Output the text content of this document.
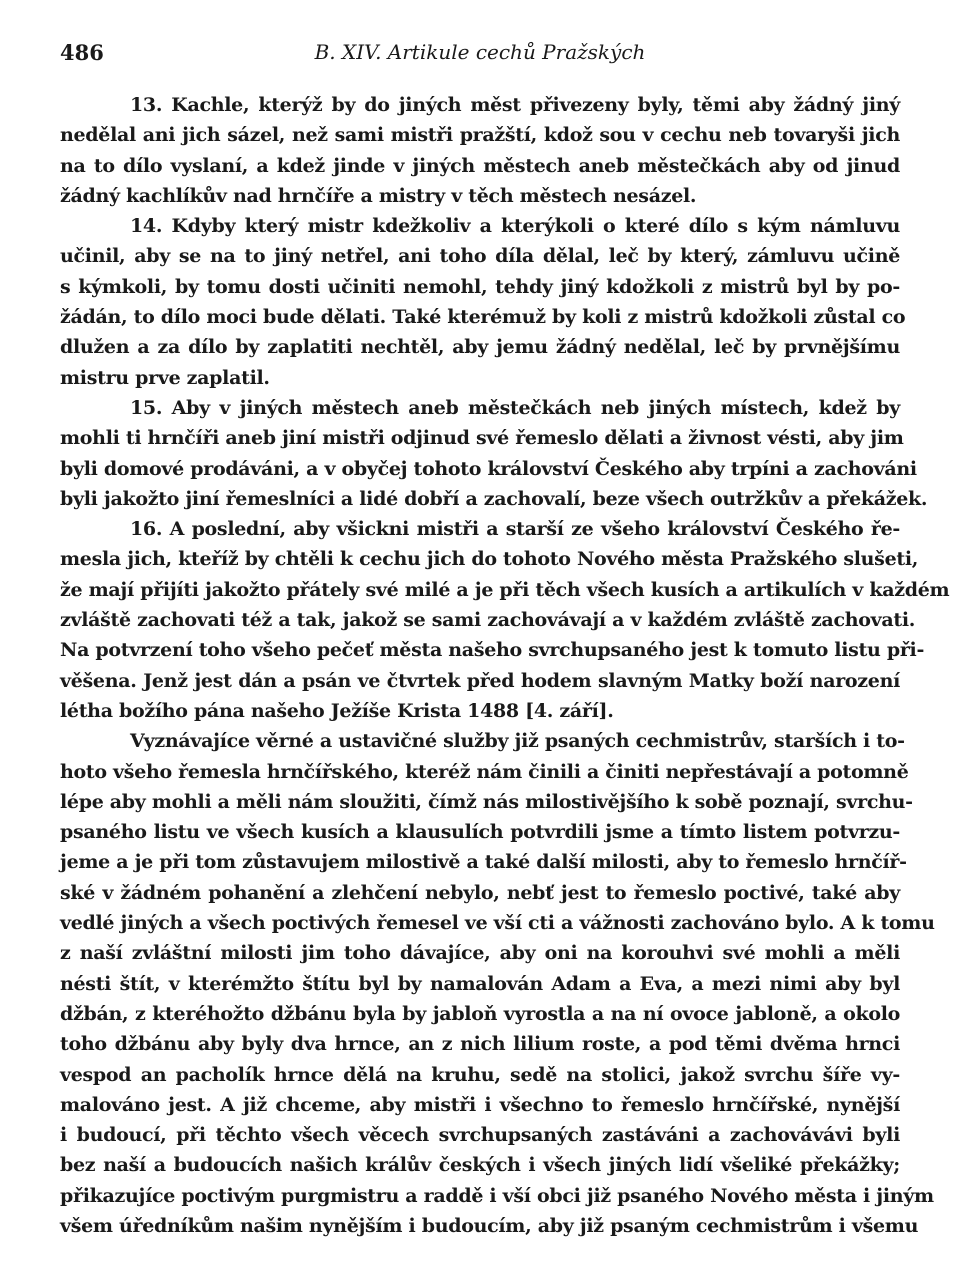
486	B. XIV. Artikule cechů Pražských
13. Kachle, kterýž by do jiných měst přivezeny byly, těmi aby žádný jiný
nedělal ani jich sázel, než sami mistři pražští, kdož sou v cechu neb tovaryši jich
na to dílo vyslaní, a kdež jinde v jiných městech aneb městečkách aby od jinud
žádný kachlíkův nad hrnčíře a mistry v těch městech nesázel.
14. Kdyby který mistr kdežkoliv a kterýkoli o které dílo s kým námluvu
učinil, aby se na to jiný netřel, ani toho díla dělal, leč by který, zámluvu učině
s kýmkoli, by tomu dosti učiniti nemohl, tehdy jiný kdožkoli z mistrů byl by po-
žádán, to dílo moci bude dělati. Také kterémuž by koli z mistrů kdožkoli zůstal co
dlužen a za dílo by zaplatiti nechtěl, aby jemu žádný nedělal, leč by prvnějšímu
mistru prve zaplatil.
15. Aby v jiných městech aneb městečkách neb jiných místech, kdež by
mohli ti hrnčíři aneb jiní mistři odjinud své řemeslo dělati a živnost vésti, aby jim
byli domové prodáváni, a v obyčej tohoto království Českého aby trpíni a zachováni
byli jakožto jiní řemeslníci a lidé dobří a zachovalí, beze všech outržkův a překážek.
16. A poslední, aby všickni mistři a starší ze všeho království Českého ře-
mesla jich, kteříž by chtěli k cechu jich do tohoto Nového města Pražského slušeti,
že mají přijíti jakožto přátely své milé a je při těch všech kusích a artikulích v každém
zvláště zachovati též a tak, jakož se sami zachovávají a v každém zvláště zachovati.
Na potvrzení toho všeho pečeť města našeho svrchupsaného jest k tomuto listu při-
věšena. Jenž jest dán a psán ve čtvrtek před hodem slavným Matky boží narození
létha božího pána našeho Ježíše Krista 1488 [4. září].
Vyznávajíce věrné a ustavičné služby již psaných cechmistrův, starších i to-
hoto všeho řemesla hrnčířského, kteréž nám činili a činiti nepřestávají a potomně
lépe aby mohli a měli nám sloužiti, čímž nás milostivějšího k sobě poznají, svrchu-
psaného listu ve všech kusích a klausulích potvrdili jsme a tímto listem potvrzu-
jeme a je při tom zůstavujem milostivě a také další milosti, aby to řemeslo hrnčíř-
ské v žádném pohanění a zlehčení nebylo, nebť jest to řemeslo poctivé, také aby
vedlé jiných a všech poctivých řemesel ve vší cti a vážnosti zachováno bylo. A k tomu
z naší zvláštní milosti jim toho dávajíce, aby oni na korouhvi své mohli a měli
nésti štít, v kterémžto štítu byl by namalován Adam a Eva, a mezi nimi aby byl
džbán, z kteréhožto džbánu byla by jabloň vyrostla a na ní ovoce jabloně, a okolo
toho džbánu aby byly dva hrnce, an z nich lilium roste, a pod těmi dvěma hrnci
vespod an pacholík hrnce dělá na kruhu, sedě na stolici, jakož svrchu šíře vy-
malováno jest. A již chceme, aby mistři i všechno to řemeslo hrnčířské, nynější
i budoucí, při těchto všech věcech svrchupsaných zastáváni a zachovávávi byli
bez naší a budoucích našich králův českých i všech jiných lidí všeliké překážky;
přikazujíce poctivým purgmistru a raddě i vší obci již psaného Nového města i jiným
všem úředníkům našim nynějším i budoucím, aby již psaným cechmistrům i všemu
